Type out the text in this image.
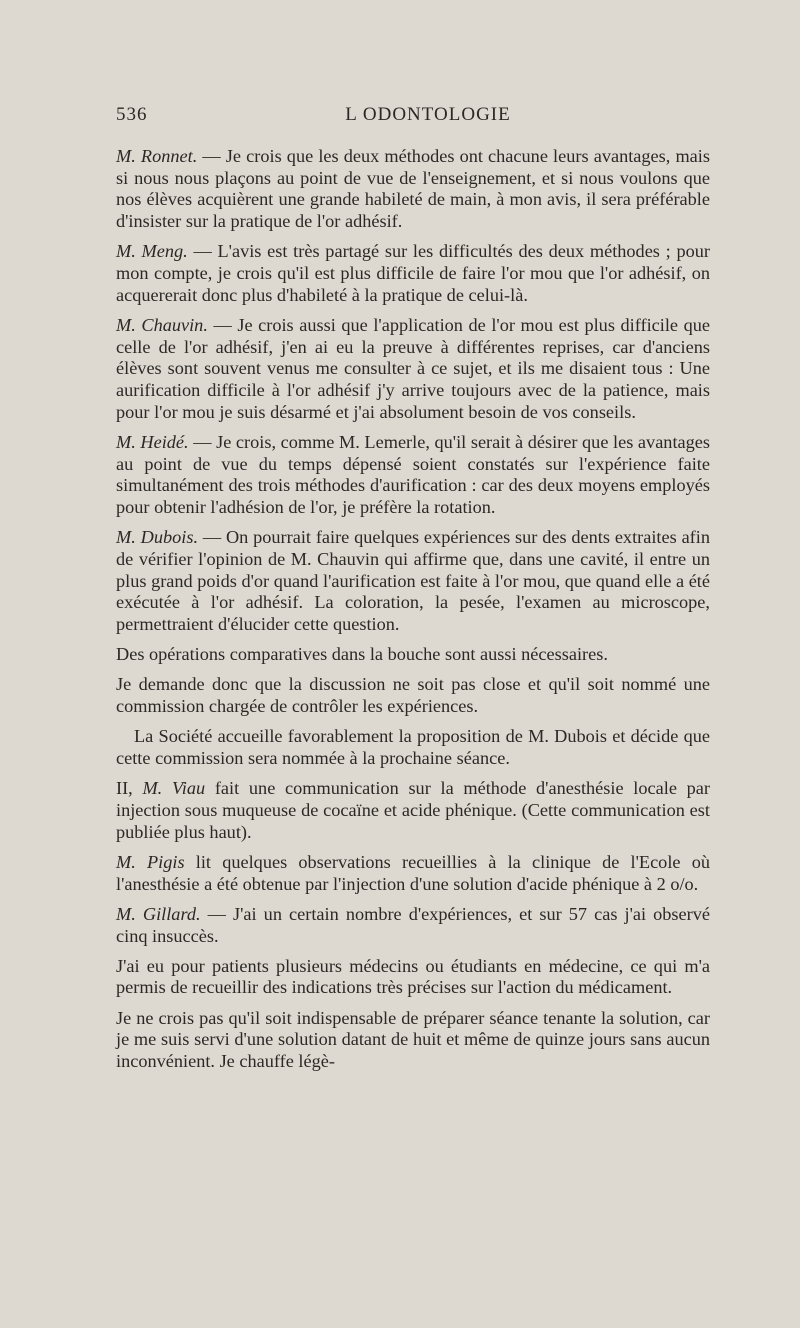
536	L ODONTOLOGIE

M. Ronnet. — Je crois que les deux méthodes ont chacune leurs avantages, mais si nous nous plaçons au point de vue de l'enseignement, et si nous voulons que nos élèves acquièrent une grande habileté de main, à mon avis, il sera préférable d'insister sur la pratique de l'or adhésif.

M. Meng. — L'avis est très partagé sur les difficultés des deux méthodes ; pour mon compte, je crois qu'il est plus difficile de faire l'or mou que l'or adhésif, on acquererait donc plus d'habileté à la pratique de celui-là.

M. Chauvin. — Je crois aussi que l'application de l'or mou est plus difficile que celle de l'or adhésif, j'en ai eu la preuve à différentes reprises, car d'anciens élèves sont souvent venus me consulter à ce sujet, et ils me disaient tous : Une aurification difficile à l'or adhésif j'y arrive toujours avec de la patience, mais pour l'or mou je suis désarmé et j'ai absolument besoin de vos conseils.

M. Heidé. — Je crois, comme M. Lemerle, qu'il serait à désirer que les avantages au point de vue du temps dépensé soient constatés sur l'expérience faite simultanément des trois méthodes d'aurification : car des deux moyens employés pour obtenir l'adhésion de l'or, je préfère la rotation.

M. Dubois. — On pourrait faire quelques expériences sur des dents extraites afin de vérifier l'opinion de M. Chauvin qui affirme que, dans une cavité, il entre un plus grand poids d'or quand l'aurification est faite à l'or mou, que quand elle a été exécutée à l'or adhésif. La coloration, la pesée, l'examen au microscope, permettraient d'élucider cette question.

Des opérations comparatives dans la bouche sont aussi nécessaires.

Je demande donc que la discussion ne soit pas close et qu'il soit nommé une commission chargée de contrôler les expériences.

La Société accueille favorablement la proposition de M. Dubois et décide que cette commission sera nommée à la prochaine séance.

II, M. Viau fait une communication sur la méthode d'anesthésie locale par injection sous muqueuse de cocaïne et acide phénique. (Cette communication est publiée plus haut).

M. Pigis lit quelques observations recueillies à la clinique de l'Ecole où l'anesthésie a été obtenue par l'injection d'une solution d'acide phénique à 2 o/o.

M. Gillard. — J'ai un certain nombre d'expériences, et sur 57 cas j'ai observé cinq insuccès.

J'ai eu pour patients plusieurs médecins ou étudiants en médecine, ce qui m'a permis de recueillir des indications très précises sur l'action du médicament.

Je ne crois pas qu'il soit indispensable de préparer séance tenante la solution, car je me suis servi d'une solution datant de huit et même de quinze jours sans aucun inconvénient. Je chauffe légè-
